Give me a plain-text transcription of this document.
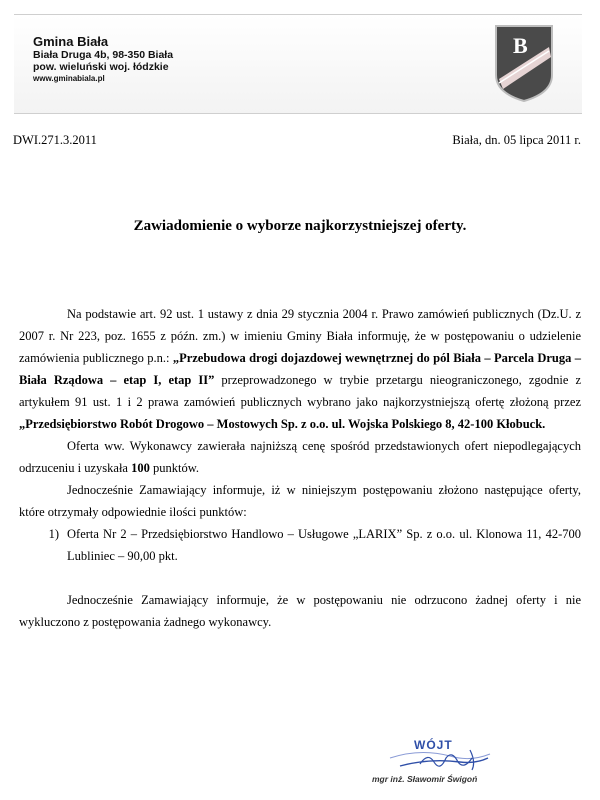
Gmina Biała
Biała Druga 4b, 98-350 Biała
pow. wieluński woj. łódzkie
www.gminabiala.pl
B
DWI.271.3.2011	Biała, dn. 05 lipca 2011 r.
Zawiadomienie o wyborze najkorzystniejszej oferty.

Na podstawie art. 92 ust. 1 ustawy z dnia 29 stycznia 2004 r. Prawo zamówień publicznych (Dz.U. z 2007 r. Nr 223, poz. 1655 z późn. zm.) w imieniu Gminy Biała informuję, że w postępowaniu o udzielenie zamówienia publicznego p.n.: „Przebudowa drogi dojazdowej wewnętrznej do pól Biała – Parcela Druga – Biała Rządowa – etap I, etap II” przeprowadzonego w trybie przetargu nieograniczonego, zgodnie z artykułem 91 ust. 1 i 2 prawa zamówień publicznych wybrano jako najkorzystniejszą ofertę złożoną przez „Przedsiębiorstwo Robót Drogowo – Mostowych Sp. z o.o. ul. Wojska Polskiego 8, 42-100 Kłobuck.

Oferta ww. Wykonawcy zawierała najniższą cenę spośród przedstawionych ofert niepodlegających odrzuceniu i uzyskała 100 punktów.

Jednocześnie Zamawiający informuje, iż w niniejszym postępowaniu złożono następujące oferty, które otrzymały odpowiednie ilości punktów:

1) Oferta Nr 2 – Przedsiębiorstwo Handlowo – Usługowe „LARIX” Sp. z o.o. ul. Klonowa 11, 42-700 Lubliniec – 90,00 pkt.

Jednocześnie Zamawiający informuje, że w postępowaniu nie odrzucono żadnej oferty i nie wykluczono z postępowania żadnego wykonawcy.

WÓJT
mgr inż. Sławomir Świgoń
